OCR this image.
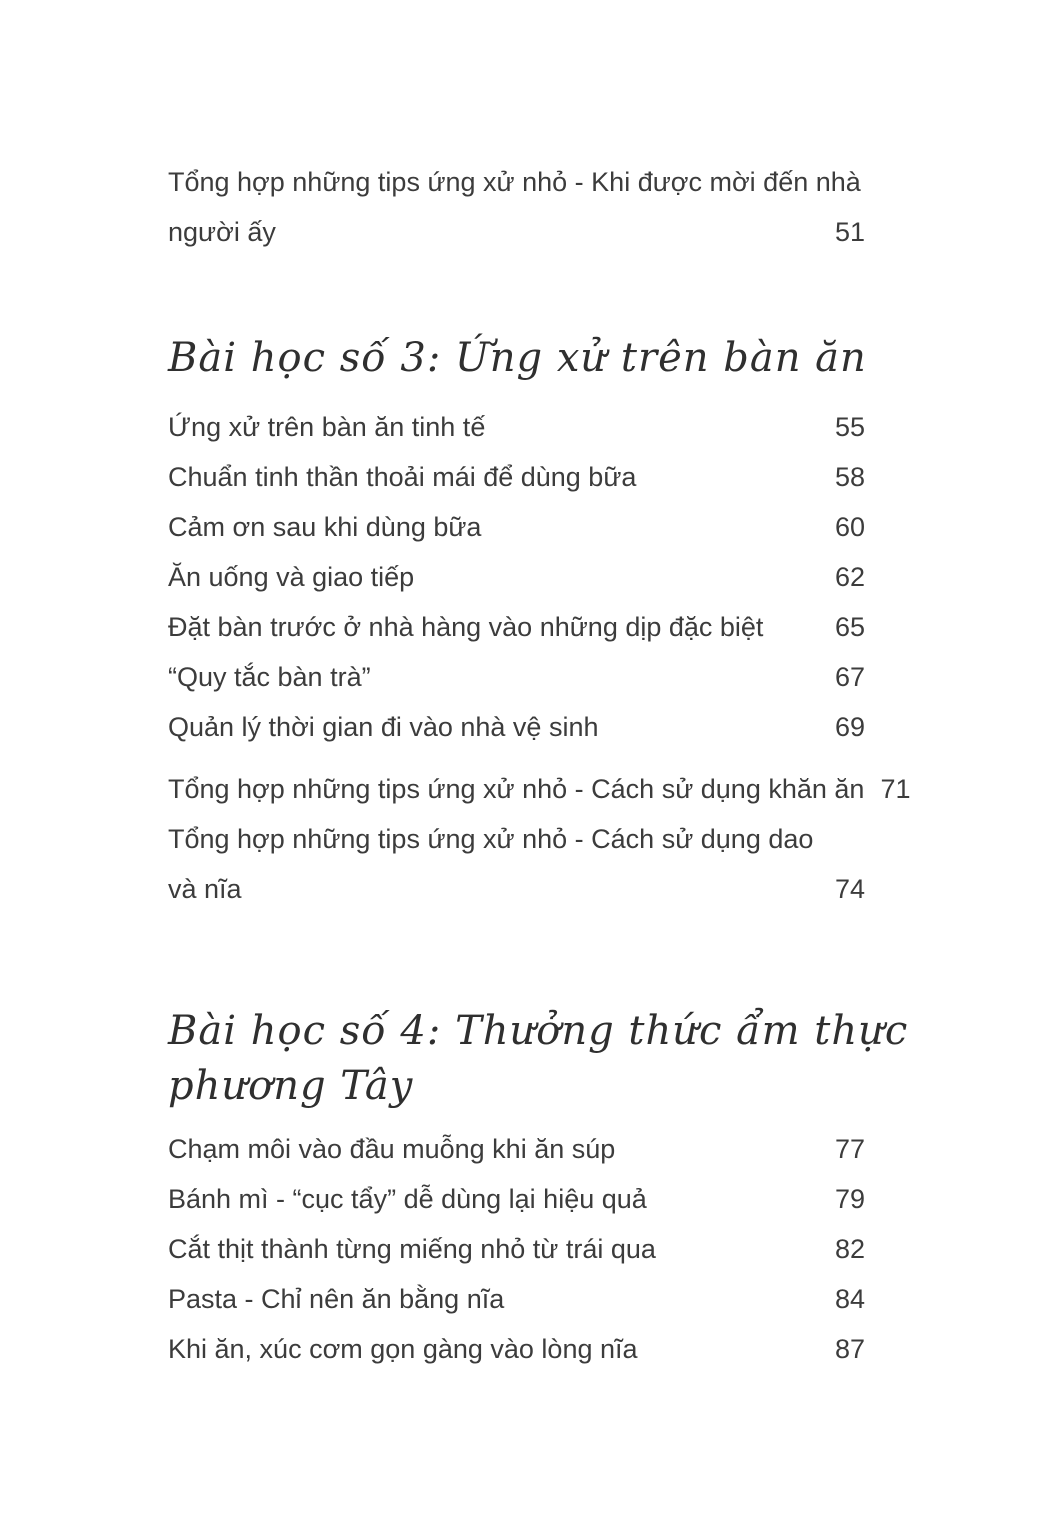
Tổng hợp những tips ứng xử nhỏ - Khi được mời đến nhà
người ấy	51
Bài học số 3: Ứng xử trên bàn ăn
Ứng xử trên bàn ăn tinh tế	55
Chuẩn tinh thần thoải mái để dùng bữa	58
Cảm ơn sau khi dùng bữa	60
Ăn uống và giao tiếp	62
Đặt bàn trước ở nhà hàng vào những dịp đặc biệt	65
“Quy tắc bàn trà”	67
Quản lý thời gian đi vào nhà vệ sinh	69
Tổng hợp những tips ứng xử nhỏ - Cách sử dụng khăn ăn 71
Tổng hợp những tips ứng xử nhỏ - Cách sử dụng dao
và nĩa	74
Bài học số 4: Thưởng thức ẩm thực
phương Tây
Chạm môi vào đầu muỗng khi ăn súp	77
Bánh mì - “cục tẩy” dễ dùng lại hiệu quả	79
Cắt thịt thành từng miếng nhỏ từ trái qua	82
Pasta - Chỉ nên ăn bằng nĩa	84
Khi ăn, xúc cơm gọn gàng vào lòng nĩa	87
